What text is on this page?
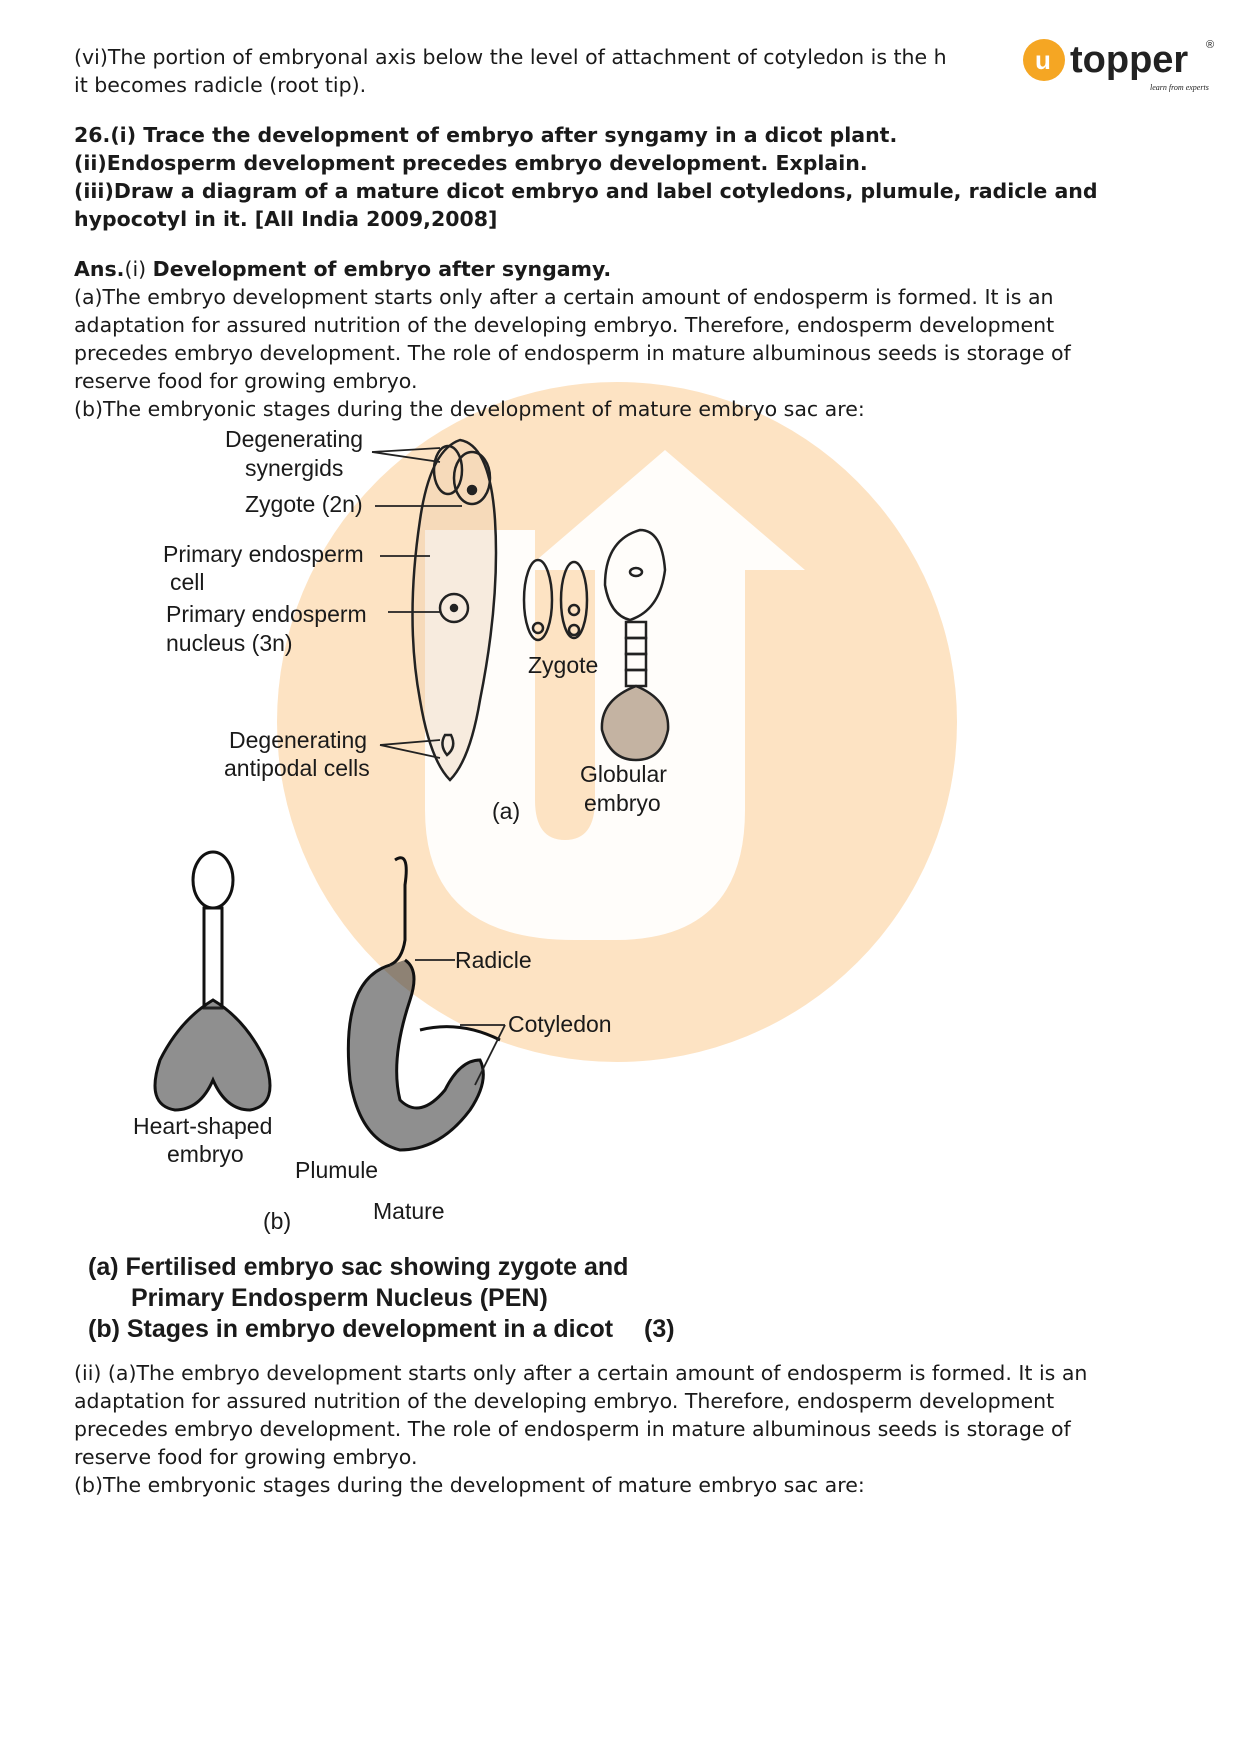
u topper ®
learn from experts
(vi)The portion of embryonal axis below the level of attachment of cotyledon is the h
it becomes radicle (root tip).
26.(i) Trace the development of embryo after syngamy in a dicot plant.
(ii)Endosperm development precedes embryo development. Explain.
(iii)Draw a diagram of a mature dicot embryo and label cotyledons, plumule, radicle and
hypocotyl in it. [All India 2009,2008]
Ans.(i) Development of embryo after syngamy.
(a)The embryo development starts only after a certain amount of endosperm is formed. It is an
adaptation for assured nutrition of the developing embryo. Therefore, endosperm development
precedes embryo development. The role of endosperm in mature albuminous seeds is storage of
reserve food for growing embryo.
(b)The embryonic stages during the development of mature embryo sac are:
Degenerating
synergids
Zygote (2n)
Primary endosperm
cell
Primary endosperm
nucleus (3n)
Degenerating
antipodal cells
(a)
Zygote
Globular
embryo
Radicle
Cotyledon
Heart-shaped
embryo
Plumule
Mature
(b)
(a) Fertilised embryo sac showing zygote and
Primary Endosperm Nucleus (PEN)
(b) Stages in embryo development in a dicot (3)
(ii) (a)The embryo development starts only after a certain amount of endosperm is formed. It is an
adaptation for assured nutrition of the developing embryo. Therefore, endosperm development
precedes embryo development. The role of endosperm in mature albuminous seeds is storage of
reserve food for growing embryo.
(b)The embryonic stages during the development of mature embryo sac are:
